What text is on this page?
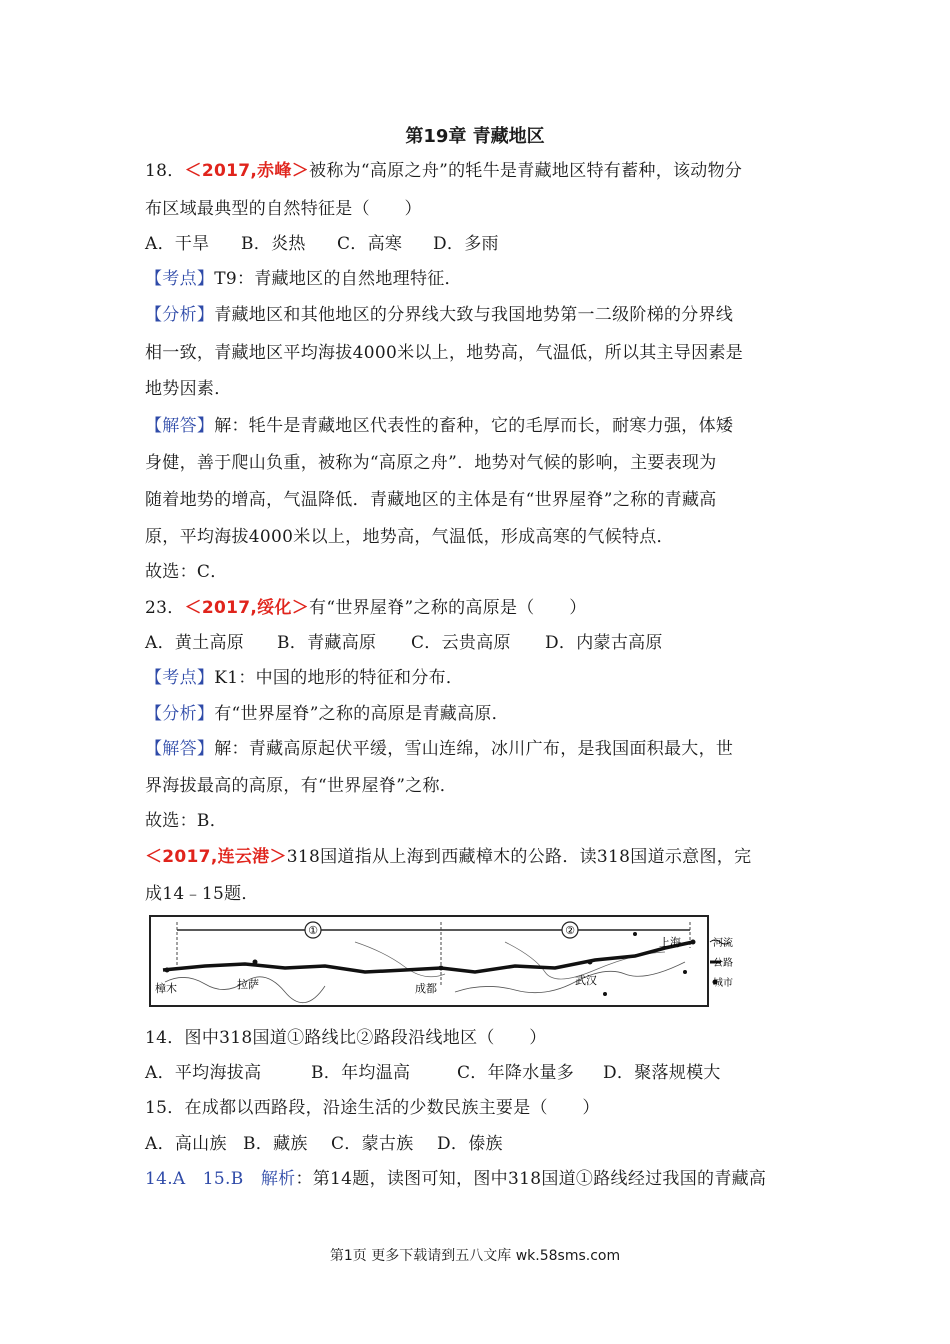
第19章 青藏地区
18．＜2017,赤峰＞被称为“高原之舟”的牦牛是青藏地区特有蓄种，该动物分
布区域最典型的自然特征是（　　）
A．干旱 B．炎热 C．高寒 D．多雨
【考点】T9：青藏地区的自然地理特征．
【分析】青藏地区和其他地区的分界线大致与我国地势第一二级阶梯的分界线
相一致，青藏地区平均海拔4000米以上，地势高，气温低，所以其主导因素是
地势因素．
【解答】解：牦牛是青藏地区代表性的畜种，它的毛厚而长，耐寒力强，体矮
身健，善于爬山负重，被称为“高原之舟”．地势对气候的影响，主要表现为
随着地势的增高，气温降低．青藏地区的主体是有“世界屋脊”之称的青藏高
原，平均海拔4000米以上，地势高，气温低，形成高寒的气候特点．
故选：C．
23．＜2017,绥化＞有“世界屋脊”之称的高原是（　　）
A．黄土高原 B．青藏高原 C．云贵高原 D．内蒙古高原
【考点】K1：中国的地形的特征和分布．
【分析】有“世界屋脊”之称的高原是青藏高原．
【解答】解：青藏高原起伏平缓，雪山连绵，冰川广布，是我国面积最大，世
界海拔最高的高原，有“世界屋脊”之称．
故选：B．
＜2017,连云港＞318国道指从上海到西藏樟木的公路．读318国道示意图，完
成14﹣15题．
①	②
樟木	拉萨	成都
武汉
上海	河流
公路
城市
14．图中318国道①路线比②路段沿线地区（　　）
A．平均海拔高	B．年均温高	C．年降水量多 D．聚落规模大
15．在成都以西路段，沿途生活的少数民族主要是（　　）
A．高山族 B．藏族 C．蒙古族 D．傣族
14.A　15.B　解析：第14题，读图可知，图中318国道①路线经过我国的青藏高
第1页 更多下载请到五八文库 wk.58sms.com
